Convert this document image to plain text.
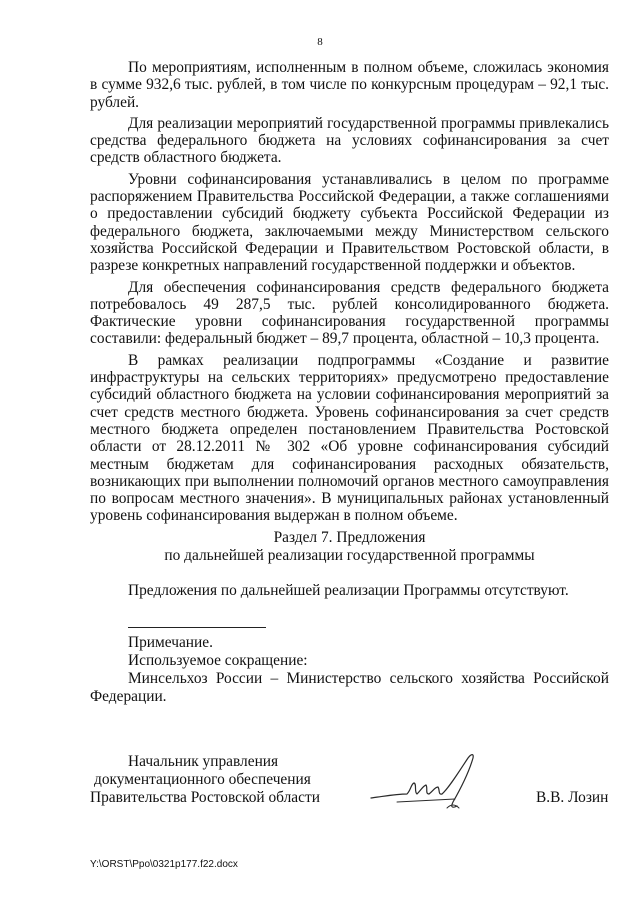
8

По мероприятиям, исполненным в полном объеме, сложилась экономия в сумме 932,6 тыс. рублей, в том числе по конкурсным процедурам – 92,1 тыс. рублей.

Для реализации мероприятий государственной программы привлекались средства федерального бюджета на условиях софинансирования за счет средств областного бюджета.

Уровни софинансирования устанавливались в целом по программе распоряжением Правительства Российской Федерации, а также соглашениями о предоставлении субсидий бюджету субъекта Российской Федерации из федерального бюджета, заключаемыми между Министерством сельского хозяйства Российской Федерации и Правительством Ростовской области, в разрезе конкретных направлений государственной поддержки и объектов.

Для обеспечения софинансирования средств федерального бюджета потребовалось 49 287,5 тыс. рублей консолидированного бюджета. Фактические уровни софинансирования государственной программы составили: федеральный бюджет – 89,7 процента, областной – 10,3 процента.

В рамках реализации подпрограммы «Создание и развитие инфраструктуры на сельских территориях» предусмотрено предоставление субсидий областного бюджета на условии софинансирования мероприятий за счет средств местного бюджета. Уровень софинансирования за счет средств местного бюджета определен постановлением Правительства Ростовской области от 28.12.2011 № 302 «Об уровне софинансирования субсидий местным бюджетам для софинансирования расходных обязательств, возникающих при выполнении полномочий органов местного самоуправления по вопросам местного значения». В муниципальных районах установленный уровень софинансирования выдержан в полном объеме.

Раздел 7. Предложения
по дальнейшей реализации государственной программы
Предложения по дальнейшей реализации Программы отсутствуют.
Примечание.
Используемое сокращение:
Минсельхоз России – Министерство сельского хозяйства Российской Федерации.
Начальник управления
документационного обеспечения
Правительства Ростовской области	В.В. Лозин
Y:\ORST\Ppo\0321p177.f22.docx
